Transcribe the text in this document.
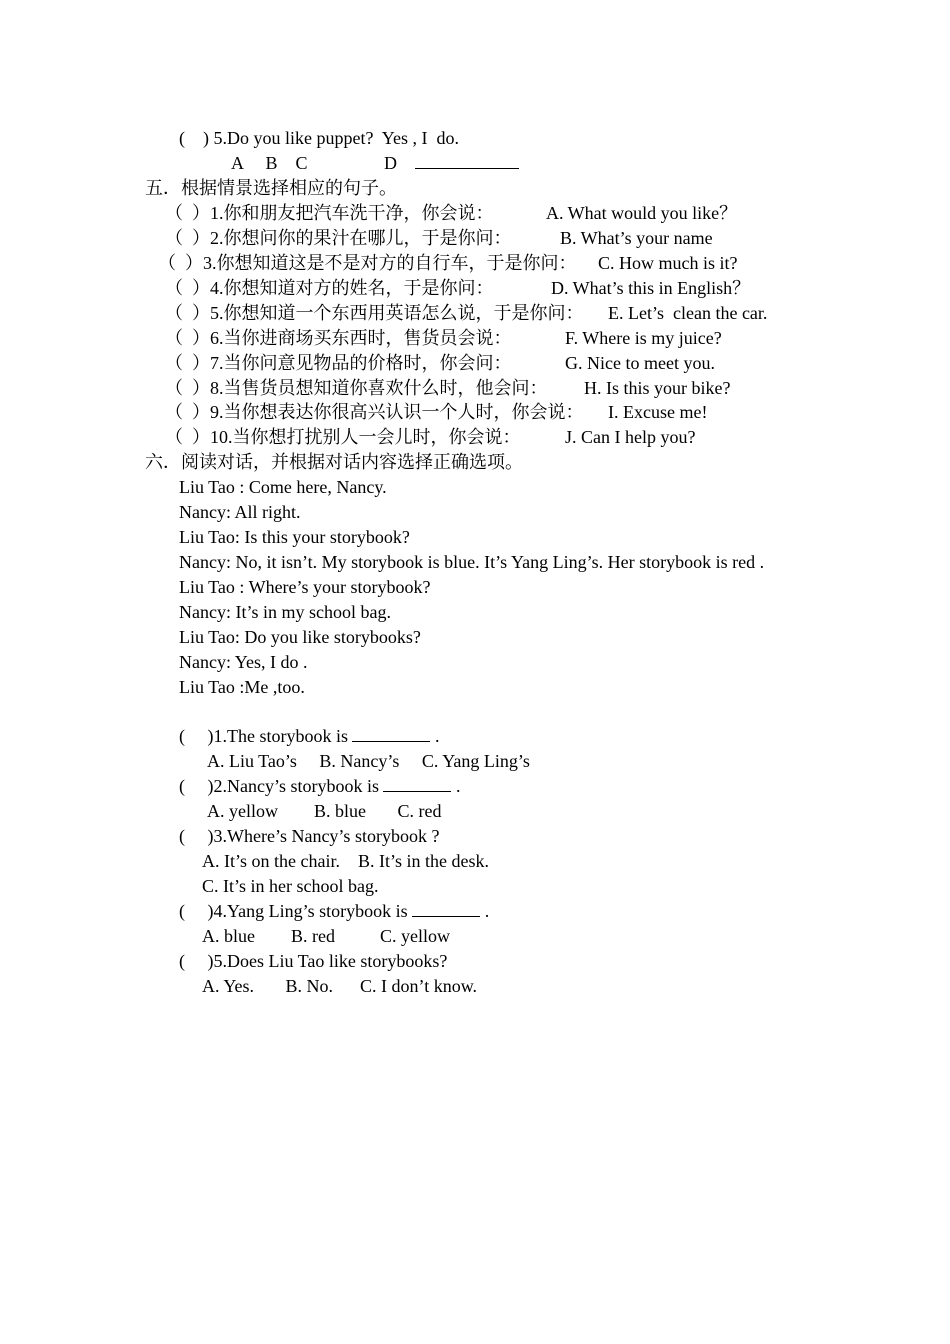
(    ) 5.Do you like puppet?  Yes , I  do.
A     B    C                 D
五．根据情景选择相应的句子。
（  ）1.你和朋友把汽车洗干净，你会说：	A. What would you like？
（  ）2.你想问你的果汁在哪儿，于是你问：	B. What’s your name
（  ）3.你想知道这是不是对方的自行车，于是你问： C. How much is it?
（  ）4.你想知道对方的姓名，于是你问：	D. What’s this in English？
（  ）5.你想知道一个东西用英语怎么说，于是你问： E. Let’s  clean the car.
（  ）6.当你进商场买东西时，售货员会说：	F. Where is my juice?
（  ）7.当你问意见物品的价格时，你会问：	G. Nice to meet you.
（  ）8.当售货员想知道你喜欢什么时，他会问： H. Is this your bike?
（  ）9.当你想表达你很高兴认识一个人时，你会说： I. Excuse me!
（  ）10.当你想打扰别人一会儿时，你会说： J. Can I help you?
六．阅读对话，并根据对话内容选择正确选项。
Liu Tao : Come here, Nancy.
Nancy: All right.
Liu Tao: Is this your storybook?
Nancy: No, it isn’t. My storybook is blue. It’s Yang Ling’s. Her storybook is red .
Liu Tao : Where’s your storybook?
Nancy: It’s in my school bag.
Liu Tao: Do you like storybooks?
Nancy: Yes, I do .
Liu Tao :Me ,too.
(     )1.The storybook is	.
A. Liu Tao’s     B. Nancy’s     C. Yang Ling’s
(     )2.Nancy’s storybook is	.
A. yellow        B. blue       C. red
(     )3.Where’s Nancy’s storybook ?
A. It’s on the chair.    B. It’s in the desk.
C. It’s in her school bag.
(     )4.Yang Ling’s storybook is	.
A. blue        B. red          C. yellow
(     )5.Does Liu Tao like storybooks?
A. Yes.       B. No.      C. I don’t know.
